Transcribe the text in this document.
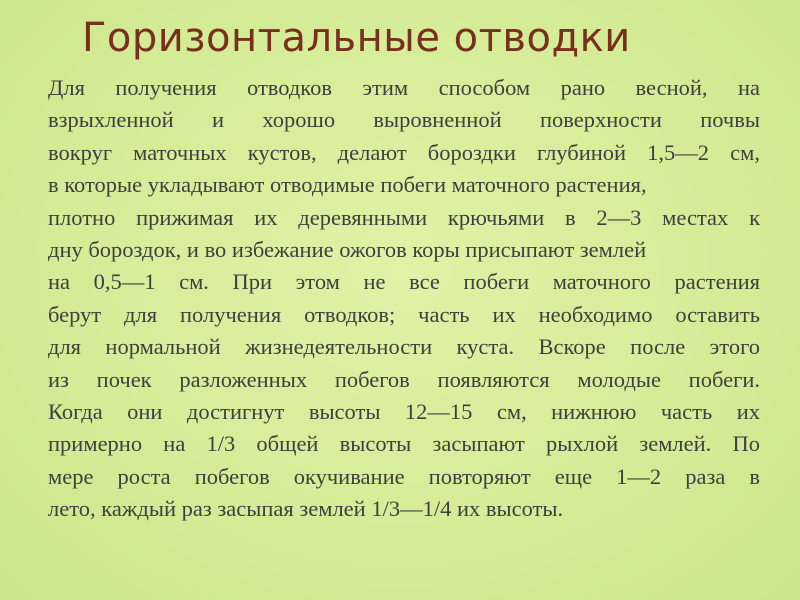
Горизонтальные отводки
Для получения отводков этим способом рано весной, на
взрыхленной и хорошо выровненной поверхности почвы
вокруг маточных кустов, делают бороздки глубиной 1,5—2 см,
в которые укладывают отводимые побеги маточного растения,
плотно прижимая их деревянными крючьями в 2—3 местах к
дну бороздок, и во избежание ожогов коры присыпают землей
на 0,5—1 см. При этом не все побеги маточного растения
берут для получения отводков; часть их необходимо оставить
для нормальной жизнедеятельности куста. Вскоре после этого
из почек разложенных побегов появляются молодые побеги.
Когда они достигнут высоты 12—15 см, нижнюю часть их
примерно на 1/3 общей высоты засыпают рыхлой землей. По
мере роста побегов окучивание повторяют еще 1—2 раза в
лето, каждый раз засыпая землей 1/3—1/4 их высоты.
